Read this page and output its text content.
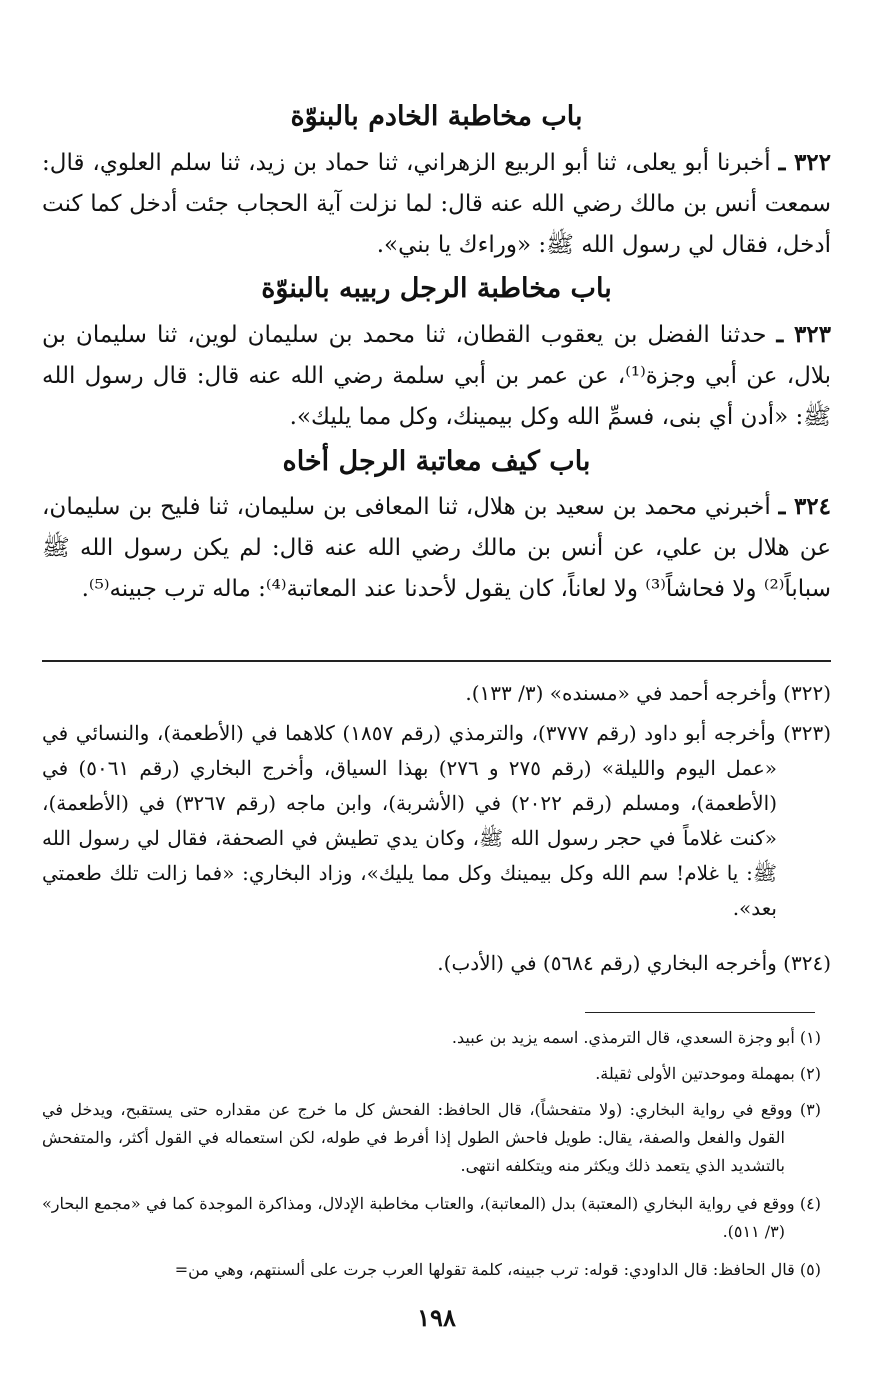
باب مخاطبة الخادم بالبنوّة
٣٢٢ ـ أخبرنا أبو يعلى، ثنا أبو الربيع الزهراني، ثنا حماد بن زيد، ثنا سلم العلوي، قال: سمعت أنس بن مالك رضي الله عنه قال: لما نزلت آية الحجاب جئت أدخل كما كنت أدخل، فقال لي رسول الله ﷺ: «وراءك يا بني».
باب مخاطبة الرجل ربيبه بالبنوّة
٣٢٣ ـ حدثنا الفضل بن يعقوب القطان، ثنا محمد بن سليمان لوين، ثنا سليمان بن بلال، عن أبي وجزة⁽¹⁾، عن عمر بن أبي سلمة رضي الله عنه قال: قال رسول الله ﷺ: «أدن أي بنى، فسمِّ الله وكل بيمينك، وكل مما يليك».
باب كيف معاتبة الرجل أخاه
٣٢٤ ـ أخبرني محمد بن سعيد بن هلال، ثنا المعافى بن سليمان، ثنا فليح بن سليمان، عن هلال بن علي، عن أنس بن مالك رضي الله عنه قال: لم يكن رسول الله ﷺ سباباً⁽²⁾ ولا فحاشاً⁽³⁾ ولا لعاناً، كان يقول لأحدنا عند المعاتبة⁽⁴⁾: ماله ترب جبينه⁽⁵⁾.
(٣٢٢) وأخرجه أحمد في «مسنده» (٣/ ١٣٣).
(٣٢٣) وأخرجه أبو داود (رقم ٣٧٧٧)، والترمذي (رقم ١٨٥٧) كلاهما في (الأطعمة)، والنسائي في «عمل اليوم والليلة» (رقم ٢٧٥ و ٢٧٦) بهذا السياق، وأخرج البخاري (رقم ٥٠٦١) في (الأطعمة)، ومسلم (رقم ٢٠٢٢) في (الأشربة)، وابن ماجه (رقم ٣٢٦٧) في (الأطعمة)، «كنت غلاماً في حجر رسول الله ﷺ، وكان يدي تطيش في الصحفة، فقال لي رسول الله ﷺ: يا غلام! سم الله وكل بيمينك وكل مما يليك»، وزاد البخاري: «فما زالت تلك طعمتي بعد».
(٣٢٤) وأخرجه البخاري (رقم ٥٦٨٤) في (الأدب).
(١) أبو وجزة السعدي، قال الترمذي. اسمه يزيد بن عبيد.
(٢) بمهملة وموحدتين الأولى ثقيلة.
(٣) ووقع في رواية البخاري: (ولا متفحشاً)، قال الحافظ: الفحش كل ما خرج عن مقداره حتى يستقبح، ويدخل في القول والفعل والصفة، يقال: طويل فاحش الطول إذا أفرط في طوله، لكن استعماله في القول أكثر، والمتفحش بالتشديد الذي يتعمد ذلك ويكثر منه ويتكلفه انتهى.
(٤) ووقع في رواية البخاري (المعتبة) بدل (المعاتبة)، والعتاب مخاطبة الإدلال، ومذاكرة الموجدة كما في «مجمع البحار» (٣/ ٥١١).
(٥) قال الحافظ: قال الداودي: قوله: ترب جبينه، كلمة تقولها العرب جرت على ألسنتهم، وهي من=
١٩٨
